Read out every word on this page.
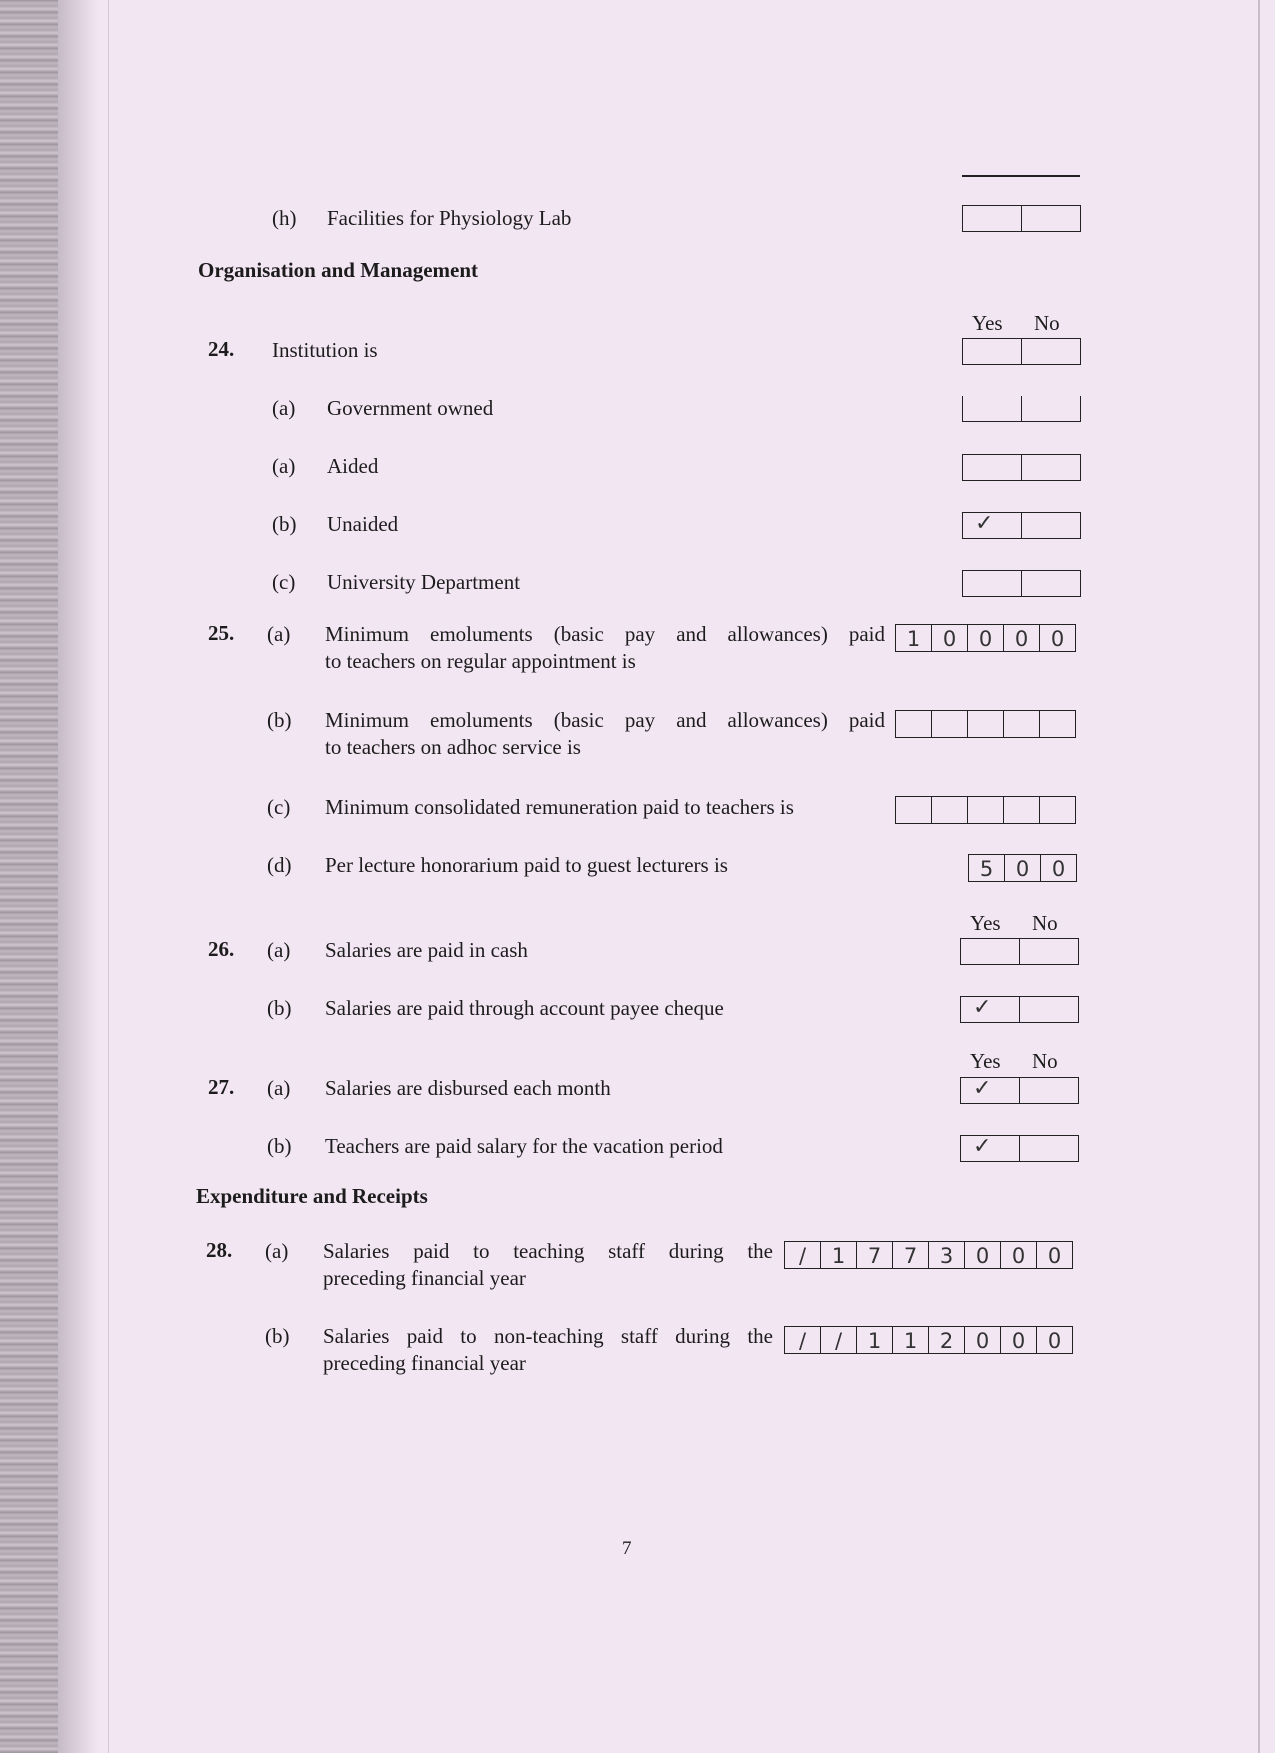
(h) Facilities for Physiology Lab
Organisation and Management
Yes No
24. Institution is
(a) Government owned
(a) Aided
(b) Unaided	✓
(c) University Department
25. (a) Minimum emoluments (basic pay and allowances) paid
to teachers on regular appointment is
1	0	0	0	0
(b) Minimum emoluments (basic pay and allowances) paid
to teachers on adhoc service is
(c) Minimum consolidated remuneration paid to teachers is
(d) Per lecture honorarium paid to guest lecturers is	5	0	0
Yes No
26. (a) Salaries are paid in cash
(b) Salaries are paid through account payee cheque	✓
Yes No
27. (a) Salaries are disbursed each month	✓
(b) Teachers are paid salary for the vacation period	✓
Expenditure and Receipts
28. (a) Salaries paid to teaching staff during the
preceding financial year
/	1	7	7	3	0	0	0
(b) Salaries paid to non-teaching staff during the
preceding financial year
/	/	1	1	2	0	0	0
7
